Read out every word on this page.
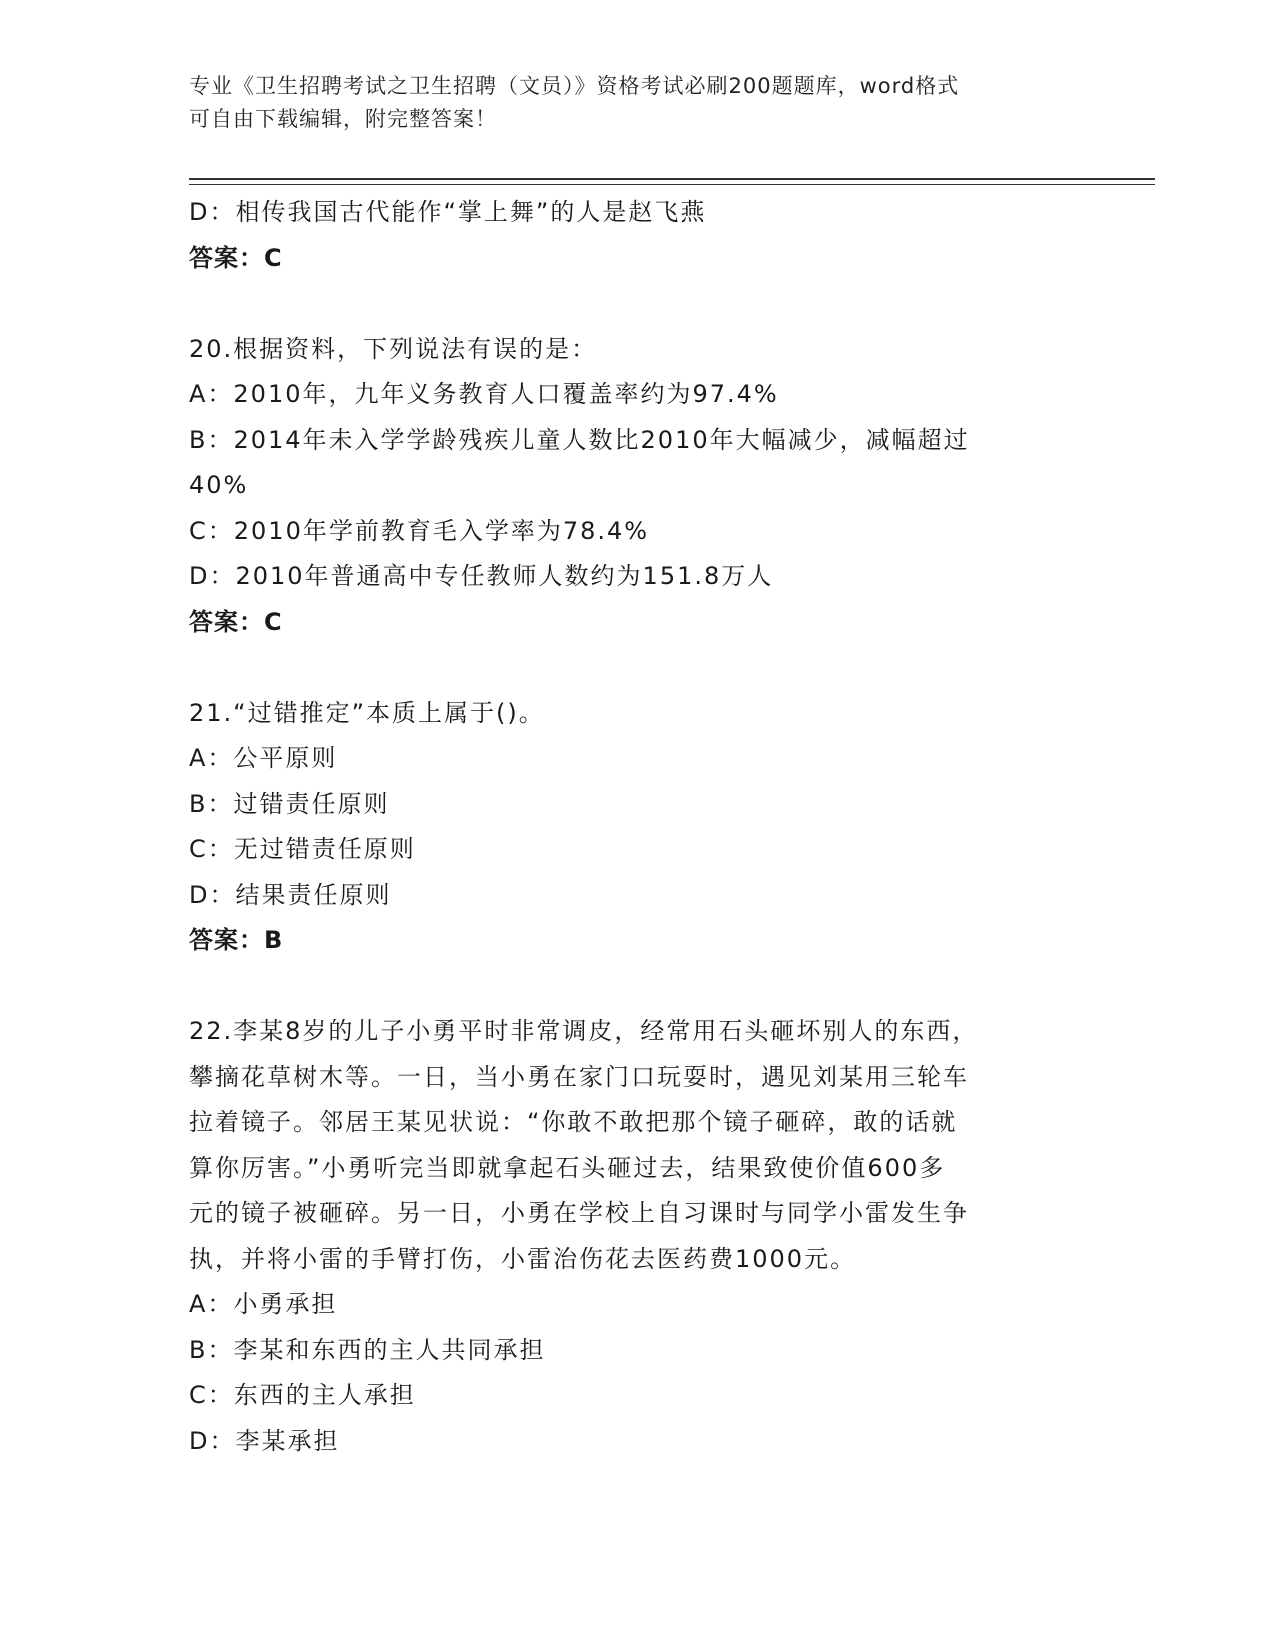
专业《卫生招聘考试之卫生招聘（文员）》资格考试必刷200题题库，word格式
可自由下载编辑，附完整答案！
D：相传我国古代能作“掌上舞”的人是赵飞燕
答案：C
20.根据资料，下列说法有误的是：
A：2010年，九年义务教育人口覆盖率约为97.4%
B：2014年未入学学龄残疾儿童人数比2010年大幅减少，减幅超过
40%
C：2010年学前教育毛入学率为78.4%
D：2010年普通高中专任教师人数约为151.8万人
答案：C
21.“过错推定”本质上属于()。
A：公平原则
B：过错责任原则
C：无过错责任原则
D：结果责任原则
答案：B
22.李某8岁的儿子小勇平时非常调皮，经常用石头砸坏别人的东西，
攀摘花草树木等。一日，当小勇在家门口玩耍时，遇见刘某用三轮车
拉着镜子。邻居王某见状说：“你敢不敢把那个镜子砸碎，敢的话就
算你厉害。”小勇听完当即就拿起石头砸过去，结果致使价值600多
元的镜子被砸碎。另一日，小勇在学校上自习课时与同学小雷发生争
执，并将小雷的手臂打伤，小雷治伤花去医药费1000元。
A：小勇承担
B：李某和东西的主人共同承担
C：东西的主人承担
D：李某承担
